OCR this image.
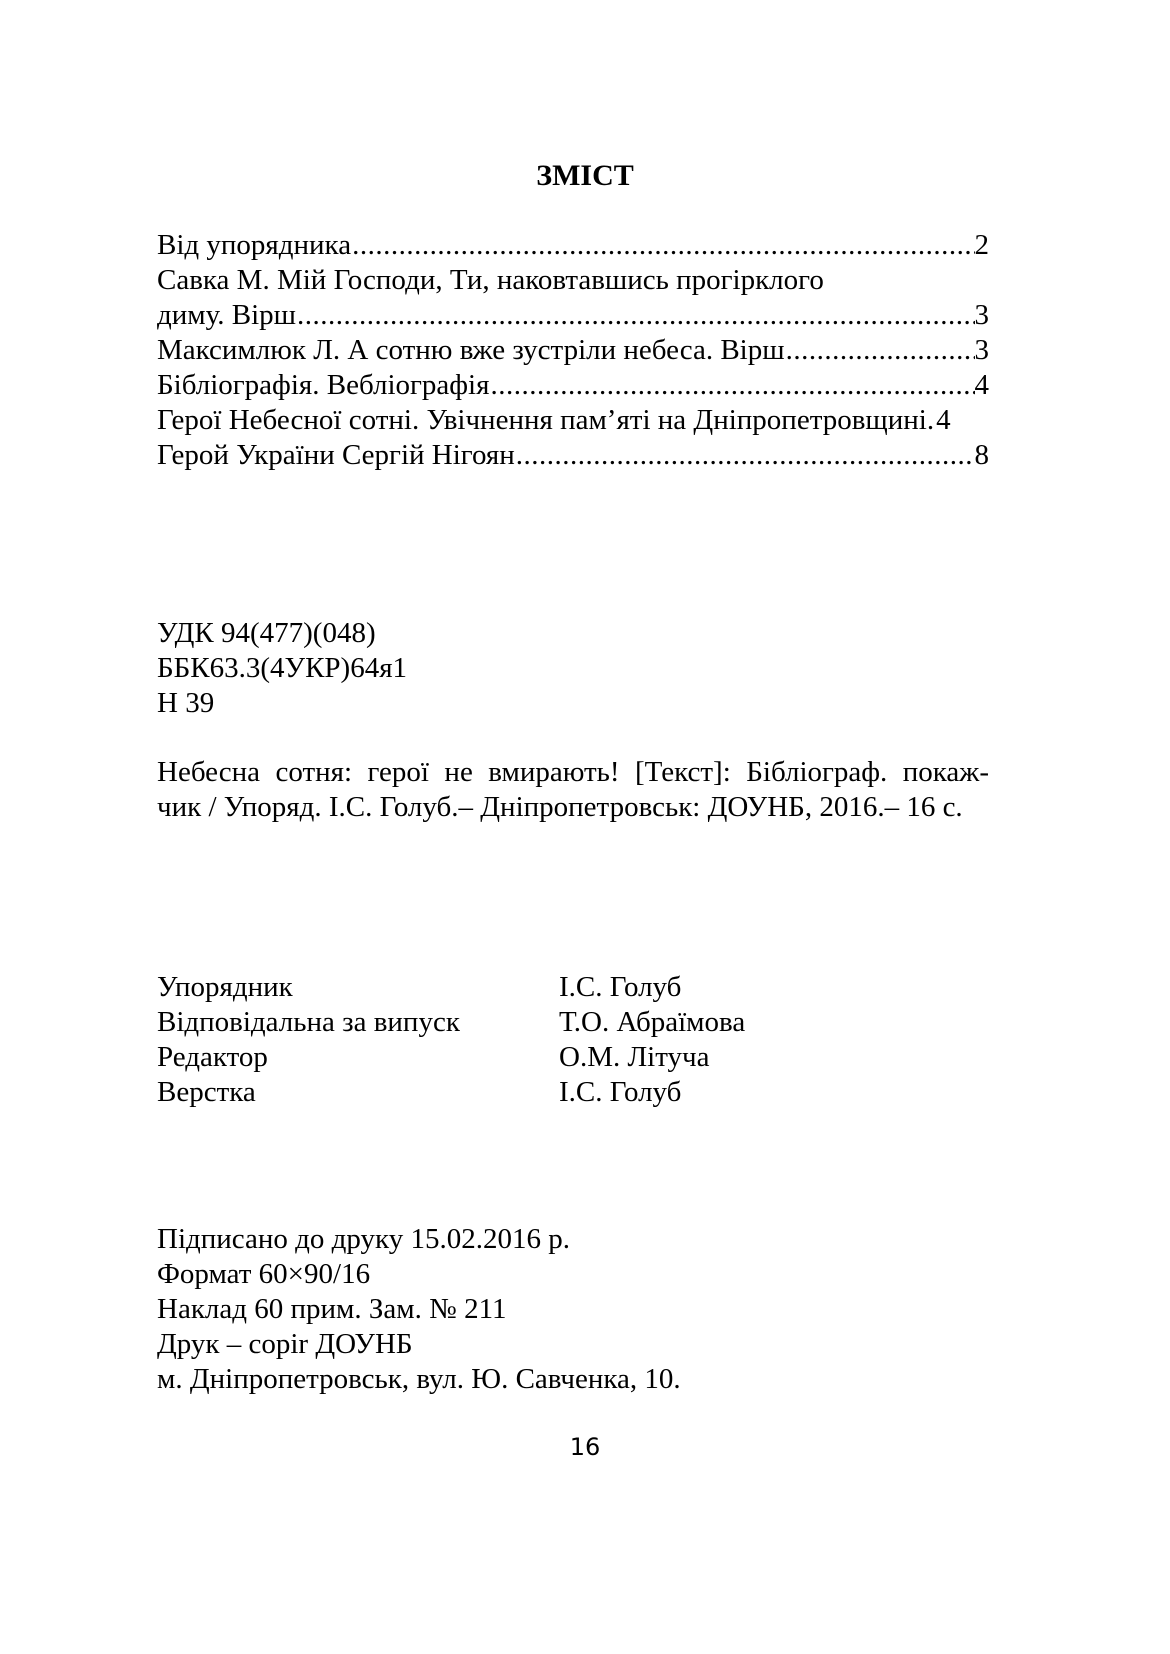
ЗМІСТ
Від упорядника .....	2
Савка М. Мій Господи, Ти, наковтавшись прогірклого
диму. Вірш .....	3
Максимлюк Л. А сотню вже зустріли небеса. Вірш .....	3
Бібліографія. Вебліографія .....	4
Герої Небесної сотні. Увічнення пам’яті на Дніпропетровщині. 4
Герой України Сергій Нігоян .....	8
УДК 94(477)(048)
ББК63.3(4УКР)64я1
Н 39
Небесна сотня: герої не вмирають! [Текст]: Бібліограф. покаж-
чик / Упоряд. І.С. Голуб.– Дніпропетровськ: ДОУНБ, 2016.– 16 с.
Упорядник	І.С. Голуб
Відповідальна за випуск	Т.О. Абраїмова
Редактор	О.М. Літуча
Верстка	І.С. Голуб
Підписано до друку 15.02.2016 р.
Формат 60×90/16
Наклад 60 прим. Зам. № 211
Друк – copir ДОУНБ
м. Дніпропетровськ, вул. Ю. Савченка, 10.
16
